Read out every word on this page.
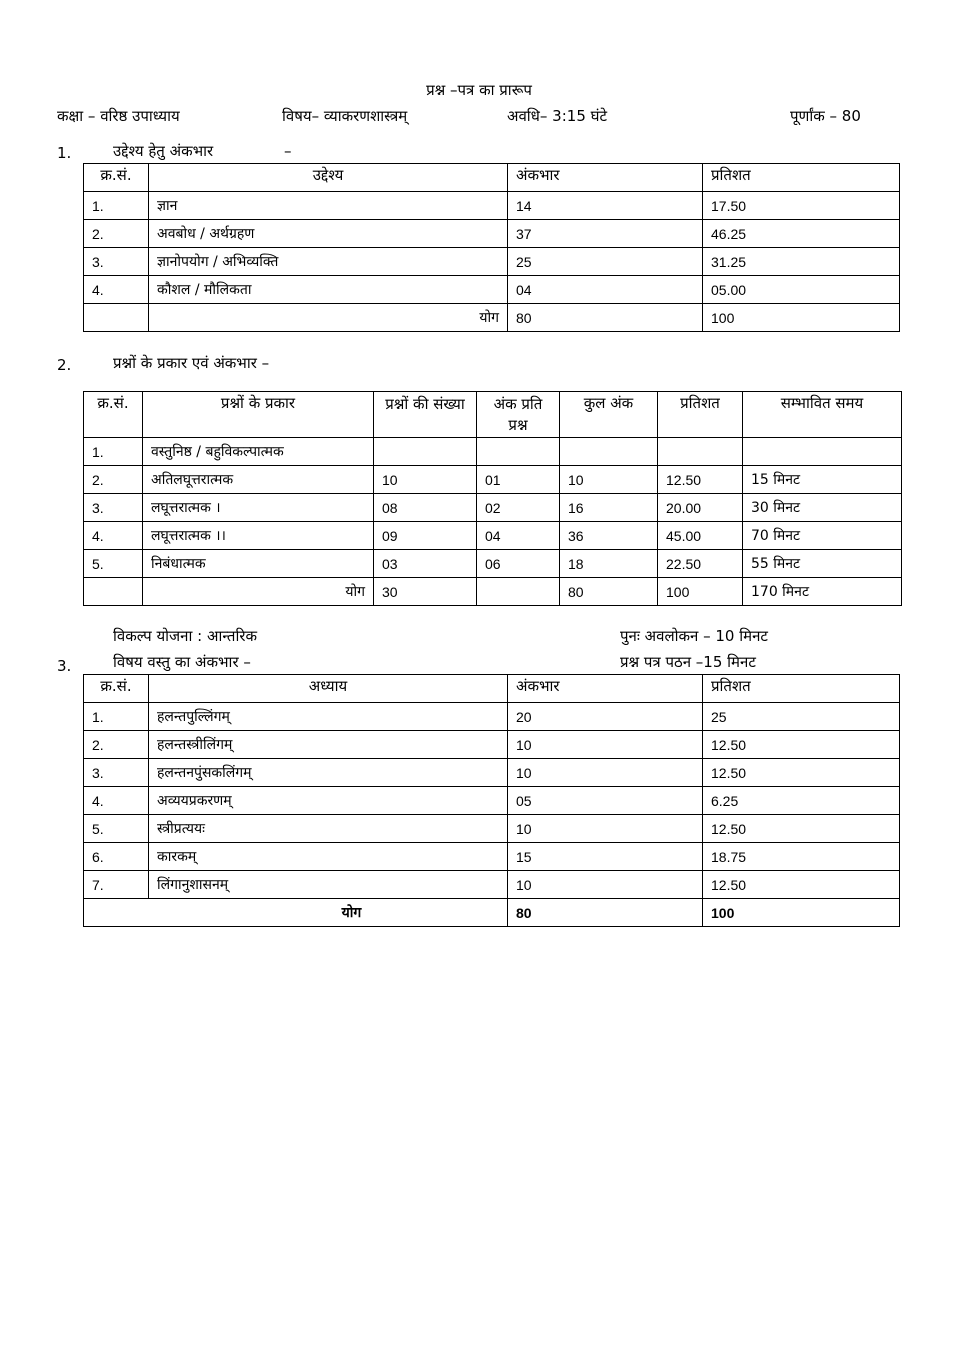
प्रश्न –पत्र का प्रारूप
कक्षा – वरिष्ठ उपाध्याय	विषय– व्याकरणशास्त्रम्	अवधि– 3:15 घंटे	पूर्णांक – 80
1.	उद्देश्य हेतु अंकभार	–
क्र.सं.	उद्देश्य	अंकभार	प्रतिशत
1.	ज्ञान	14	17.50
2.	अवबोध / अर्थग्रहण	37	46.25
3.	ज्ञानोपयोग / अभिव्यक्ति	25	31.25
4.	कौशल / मौलिकता	04	05.00
	योग	80	100
2.	प्रश्नों के प्रकार एवं अंकभार –
क्र.सं.	प्रश्नों के प्रकार	प्रश्नों की संख्या	अंक प्रति प्रश्न	कुल अंक	प्रतिशत	सम्भावित समय
1.	वस्तुनिष्ठ / बहुविकल्पात्मक					
2.	अतिलघूत्तरात्मक	10	01	10	12.50	15 मिनट
3.	लघूत्तरात्मक ।	08	02	16	20.00	30 मिनट
4.	लघूत्तरात्मक ।।	09	04	36	45.00	70 मिनट
5.	निबंधात्मक	03	06	18	22.50	55 मिनट
	योग	30		80	100	170 मिनट
विकल्प योजना : आन्तरिक	पुनः अवलोकन – 10 मिनट
3.	विषय वस्तु का अंकभार –	प्रश्न पत्र पठन –15 मिनट
क्र.सं.	अध्याय	अंकभार	प्रतिशत
1.	हलन्तपुल्लिंगम्	20	25
2.	हलन्तस्त्रीलिंगम्	10	12.50
3.	हलन्तनपुंसकलिंगम्	10	12.50
4.	अव्ययप्रकरणम्	05	6.25
5.	स्त्रीप्रत्ययः	10	12.50
6.	कारकम्	15	18.75
7.	लिंगानुशासनम्	10	12.50
योग		80	100
